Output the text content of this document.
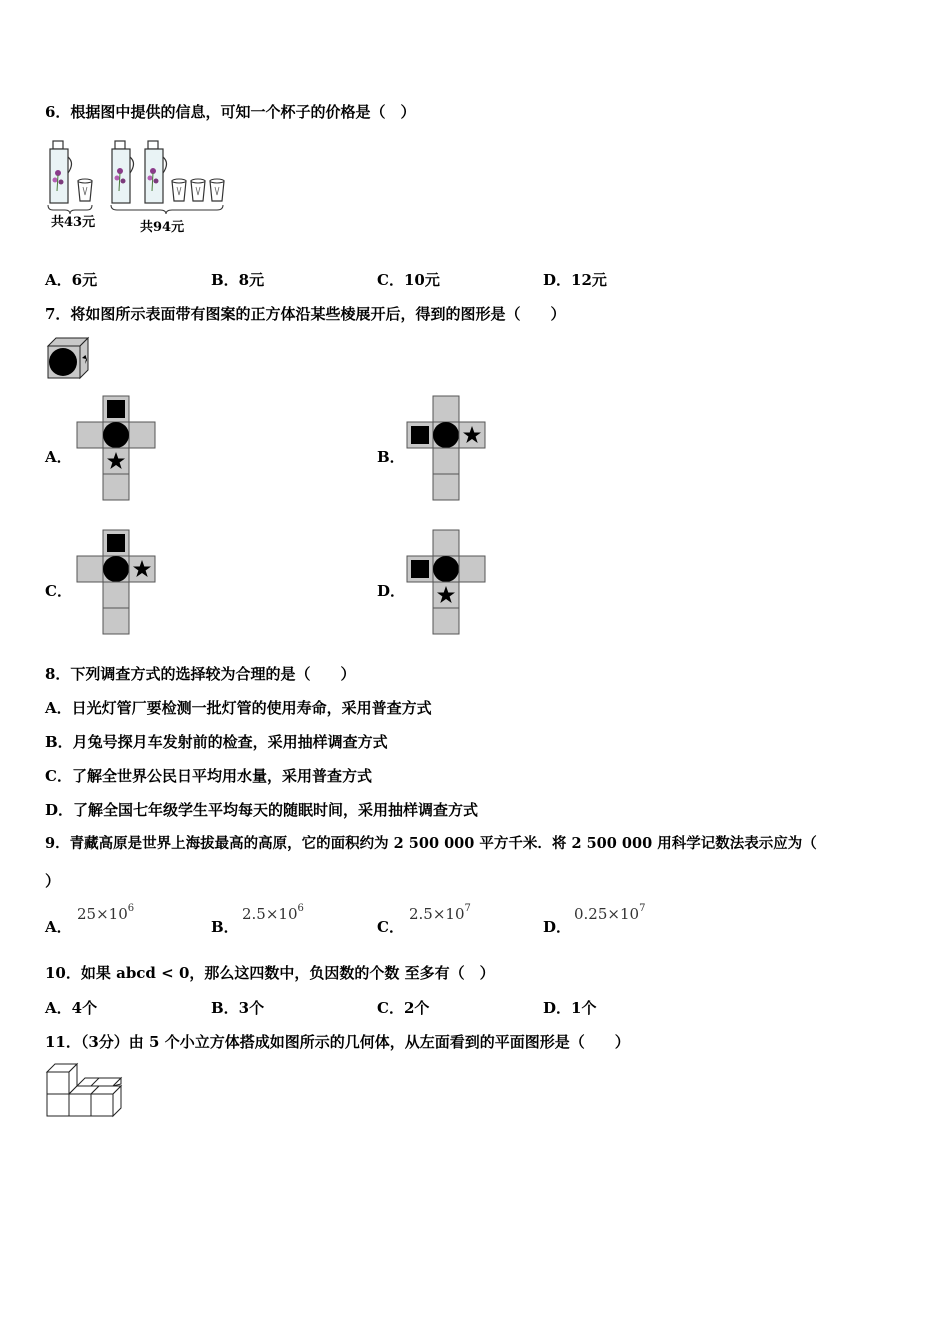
6．根据图中提供的信息，可知一个杯子的价格是（　）
共43元	共94元
A．6元	B．8元	C．10元	D．12元
7．将如图所示表面带有图案的正方体沿某些棱展开后，得到的图形是（　　）
A．	B．
C．	D．
8．下列调查方式的选择较为合理的是（　　）
A．日光灯管厂要检测一批灯管的使用寿命，采用普查方式
B．月兔号探月车发射前的检查，采用抽样调查方式
C．了解全世界公民日平均用水量，采用普查方式
D．了解全国七年级学生平均每天的随眠时间，采用抽样调查方式
9．青藏高原是世界上海拔最高的高原，它的面积约为 2 500 000 平方千米．将 2 500 000 用科学记数法表示应为（
）
A．
$25\times 10^6$
B．
$2.5\times 10^6$
C．
$2.5\times 10^7$
D．
$0.25\times 10^7$
10．如果 abcd < 0，那么这四数中，负因数的个数 至多有（　）
A．4个	B．3个	C．2个	D．1个
11．（3分）由 5 个小立方体搭成如图所示的几何体，从左面看到的平面图形是（　　）
